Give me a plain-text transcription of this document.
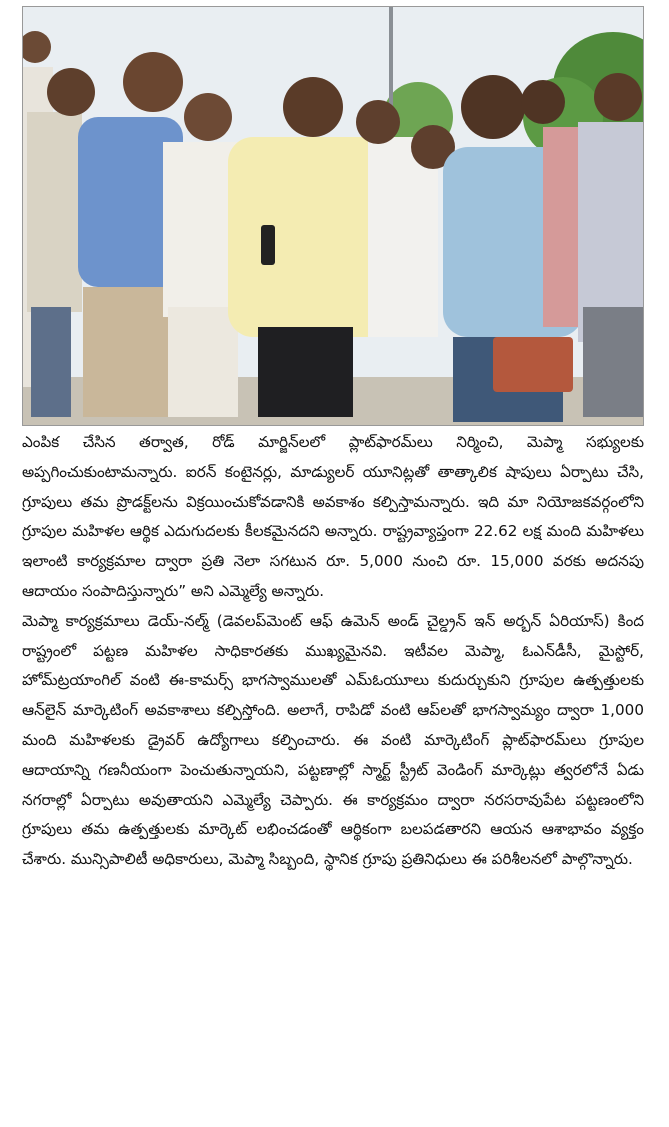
ఎంపిక చేసిన తర్వాత, రోడ్ మార్జిన్‌లలో ప్లాట్‌ఫారమ్‌లు నిర్మించి, మెప్మా సభ్యులకు అప్పగించుకుంటామన్నారు. ఐరన్ కంటైనర్లు, మాడ్యులర్ యూనిట్లతో తాత్కాలిక షాపులు ఏర్పాటు చేసి, గ్రూపులు తమ ప్రొడక్ట్‌లను విక్రయించుకోవడానికి అవకాశం కల్పిస్తామన్నారు. ఇది మా నియోజకవర్గంలోని గ్రూపుల మహిళల ఆర్థిక ఎదుగుదలకు కీలకమైనదని అన్నారు. రాష్ట్రవ్యాప్తంగా 22.62 లక్ష మంది మహిళలు ఇలాంటి కార్యక్రమాల ద్వారా ప్రతి నెలా సగటున రూ. 5,000 నుంచి రూ. 15,000 వరకు అదనపు ఆదాయం సంపాదిస్తున్నారు” అని ఎమ్మెల్యే అన్నారు.

మెప్మా కార్యక్రమాలు డెయ్-నల్మ్ (డెవలప్‌మెంట్ ఆఫ్ ఉమెన్ అండ్ చైల్డ్రన్ ఇన్ అర్బన్ ఏరియాస్) కింద రాష్ట్రంలో పట్టణ మహిళల సాధికారతకు ముఖ్యమైనవి. ఇటీవల మెప్మా, ఓఎన్‌డీసీ, మైస్టోర్, హోమ్‌ట్రయాంగిల్ వంటి ఈ-కామర్స్ భాగస్వాములతో ఎమ్‌ఓయూలు కుదుర్చుకుని గ్రూపుల ఉత్పత్తులకు ఆన్‌లైన్ మార్కెటింగ్ అవకాశాలు కల్పిస్తోంది. అలాగే, రాపిడో వంటి ఆప్‌లతో భాగస్వామ్యం ద్వారా 1,000 మంది మహిళలకు డ్రైవర్ ఉద్యోగాలు కల్పించారు. ఈ వంటి మార్కెటింగ్ ప్లాట్‌ఫారమ్‌లు గ్రూపుల ఆదాయాన్ని గణనీయంగా పెంచుతున్నాయని, పట్టణాల్లో స్మార్ట్ స్ట్రీట్ వెండింగ్ మార్కెట్లు త్వరలోనే ఏడు నగరాల్లో ఏర్పాటు అవుతాయని ఎమ్మెల్యే చెప్పారు. ఈ కార్యక్రమం ద్వారా నరసరావుపేట పట్టణంలోని గ్రూపులు తమ ఉత్పత్తులకు మార్కెట్ లభించడంతో ఆర్థికంగా బలపడతారని ఆయన ఆశాభావం వ్యక్తం చేశారు. మున్సిపాలిటీ అధికారులు, మెప్మా సిబ్బంది, స్థానిక గ్రూపు ప్రతినిధులు ఈ పరిశీలనలో పాల్గొన్నారు.
